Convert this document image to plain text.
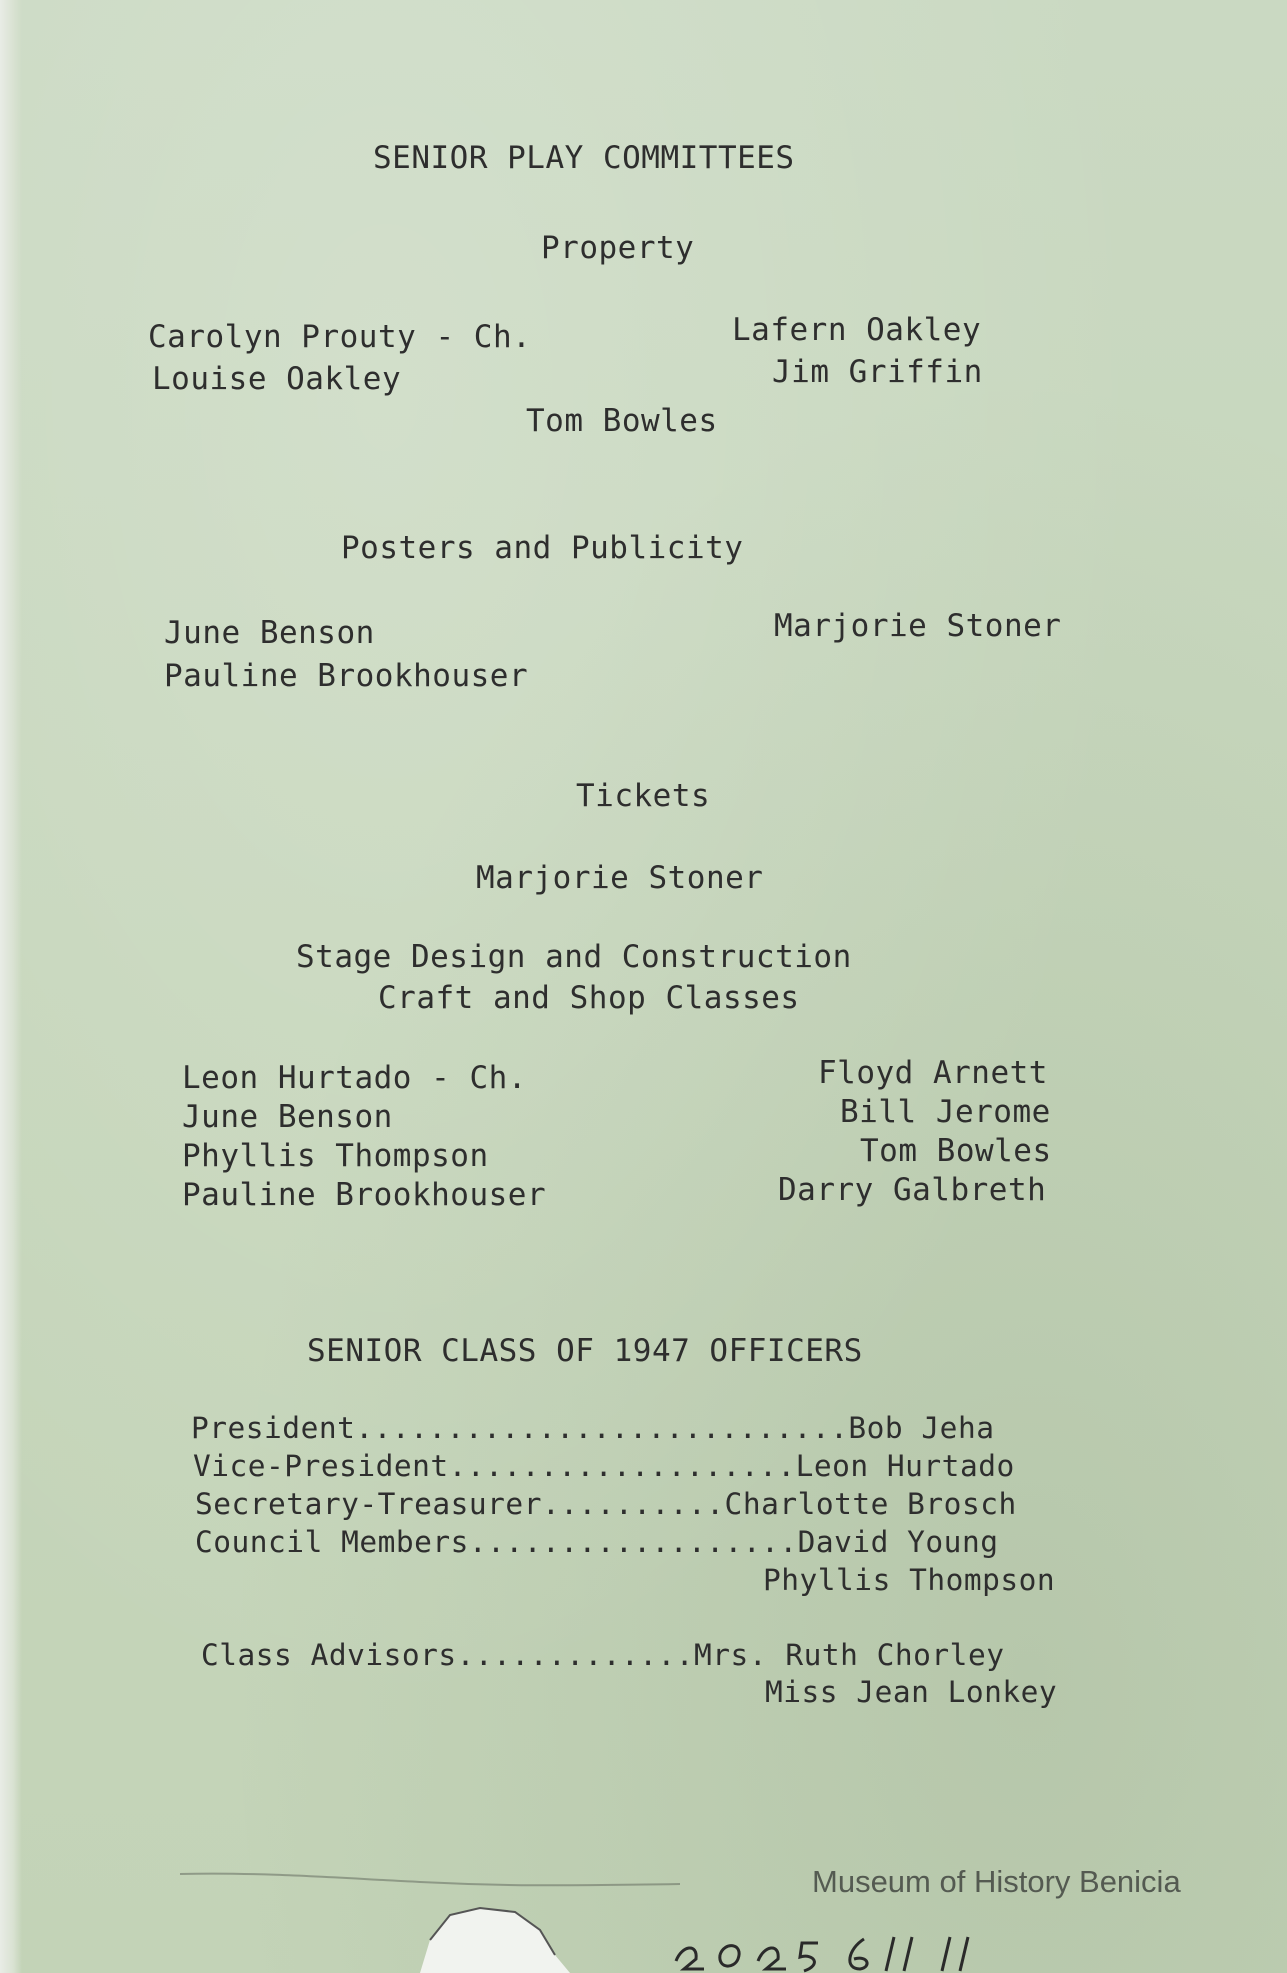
SENIOR PLAY COMMITTEES
Property
Carolyn Prouty - Ch.
Louise Oakley
Lafern Oakley
Jim Griffin
Tom Bowles
Posters and Publicity
June Benson
Pauline Brookhouser
Marjorie Stoner
Tickets
Marjorie Stoner
Stage Design and Construction
Craft and Shop Classes
Leon Hurtado - Ch.
June Benson
Phyllis Thompson
Pauline Brookhouser
Floyd Arnett
Bill Jerome
Tom Bowles
Darry Galbreth
SENIOR CLASS OF 1947 OFFICERS
President...........................Bob Jeha
Vice-President...................Leon Hurtado
Secretary-Treasurer..........Charlotte Brosch
Council Members..................David Young
Phyllis Thompson
Class Advisors.............Mrs. Ruth Chorley
Miss Jean Lonkey
Museum of History Benicia
